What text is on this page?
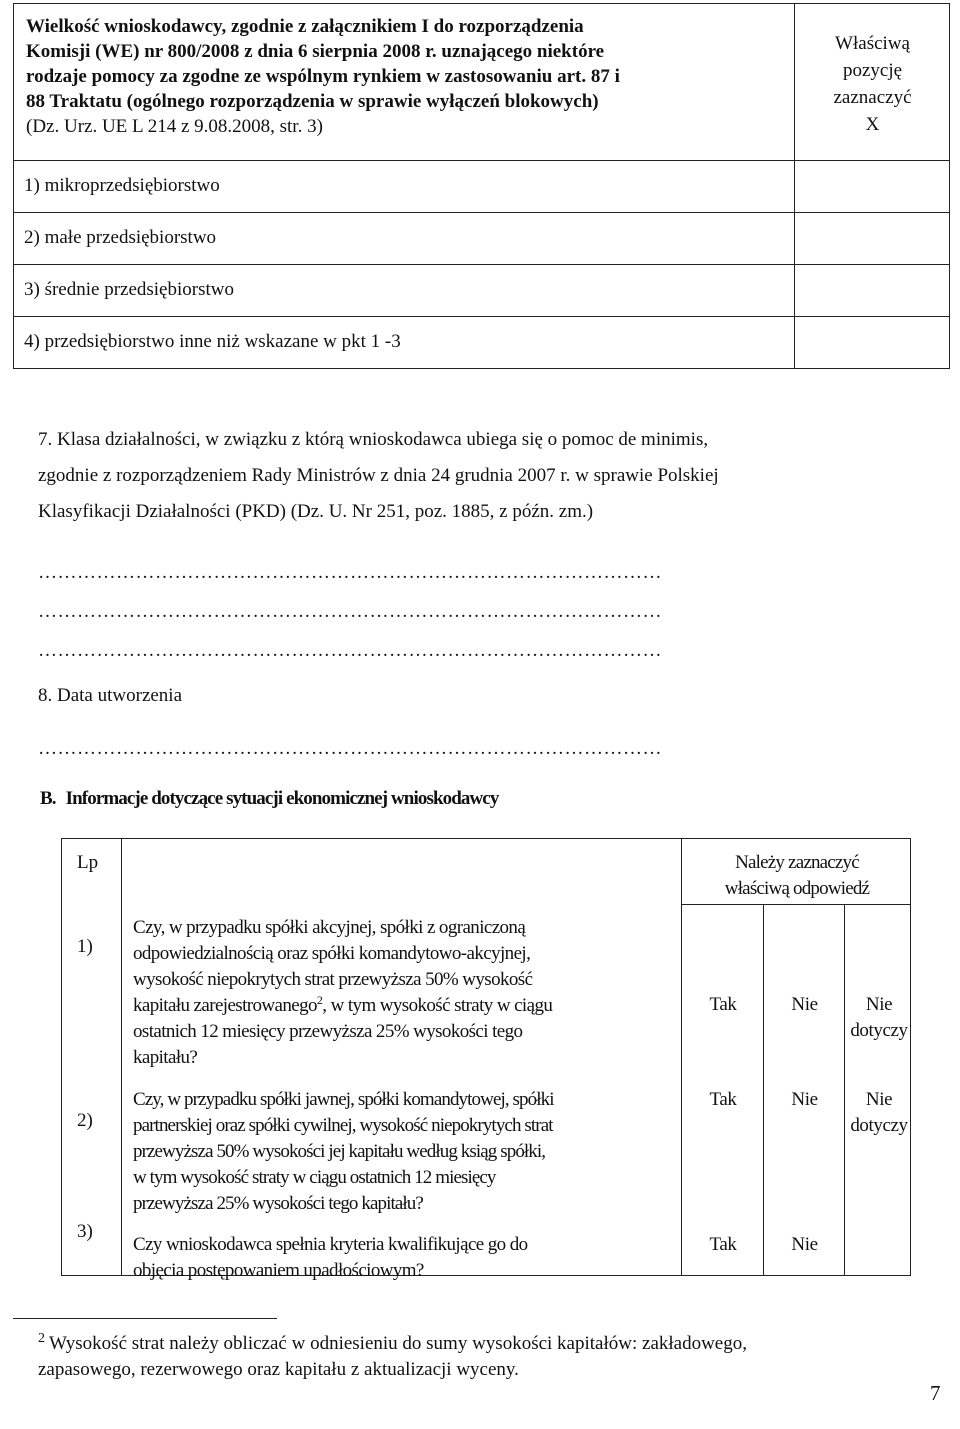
Wielkość wnioskodawcy, zgodnie z załącznikiem I do rozporządzenia
Komisji (WE) nr 800/2008 z dnia 6 sierpnia 2008 r. uznającego niektóre
rodzaje pomocy za zgodne ze wspólnym rynkiem w zastosowaniu art. 87 i
88 Traktatu (ogólnego rozporządzenia w sprawie wyłączeń blokowych)
(Dz. Urz. UE L 214 z 9.08.2008, str. 3)
Właściwą
pozycję
zaznaczyć
X
1) mikroprzedsiębiorstwo
2) małe przedsiębiorstwo
3) średnie przedsiębiorstwo
4) przedsiębiorstwo inne niż wskazane w pkt 1 -3
7. Klasa działalności, w związku z którą wnioskodawca ubiega się o pomoc de minimis,
zgodnie z rozporządzeniem Rady Ministrów z dnia 24 grudnia 2007 r. w sprawie Polskiej
Klasyfikacji Działalności (PKD) (Dz. U. Nr 251, poz. 1885, z późn. zm.)
……………………………………………………………………………………
……………………………………………………………………………………
……………………………………………………………………………………
8. Data utworzenia
……………………………………………………………………………………
B. Informacje dotyczące sytuacji ekonomicznej wnioskodawcy
Lp	Należy zaznaczyć
właściwą odpowiedź
1)
Czy, w przypadku spółki akcyjnej, spółki z ograniczoną
odpowiedzialnością oraz spółki komandytowo-akcyjnej,
wysokość niepokrytych strat przewyższa 50% wysokość
kapitału zarejestrowanego$^2$, w tym wysokość straty w ciągu
ostatnich 12 miesięcy przewyższa 25% wysokości tego
kapitału?
Tak	Nie	Nie
dotyczy
2)
Czy, w przypadku spółki jawnej, spółki komandytowej, spółki
partnerskiej oraz spółki cywilnej, wysokość niepokrytych strat
przewyższa 50% wysokości jej kapitału według ksiąg spółki,
w tym wysokość straty w ciągu ostatnich 12 miesięcy
przewyższa 25% wysokości tego kapitału?
Tak	Nie	Nie
dotyczy
3)
Czy wnioskodawca spełnia kryteria kwalifikujące go do
objęcia postępowaniem upadłościowym?
Tak	Nie
$^2$ Wysokość strat należy obliczać w odniesieniu do sumy wysokości kapitałów: zakładowego,
zapasowego, rezerwowego oraz kapitału z aktualizacji wyceny.
7
